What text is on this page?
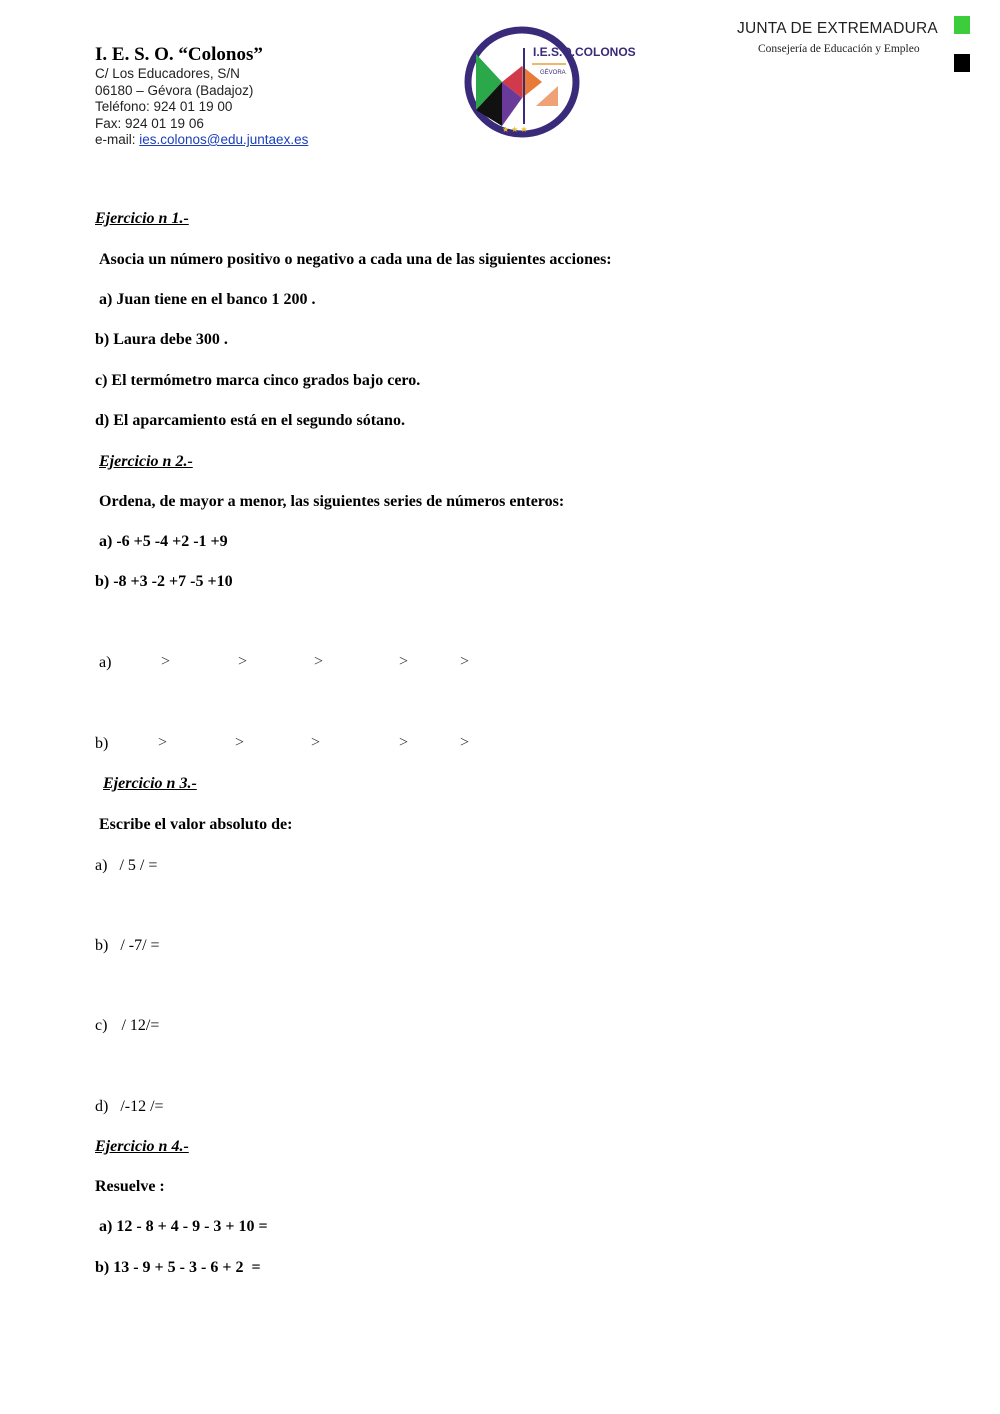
I. E. S. O. “Colonos”
C/ Los Educadores, S/N
06180 – Gévora (Badajoz)
Teléfono: 924 01 19 00
Fax: 924 01 19 06
e-mail: ies.colonos@edu.juntaex.es
I.E.S.O.COLONOS
GÉVORA
★ ★ ★
JUNTA DE EXTREMADURA
Consejería de Educación y Empleo
Ejercicio n 1.-
Asocia un número positivo o negativo a cada una de las siguientes acciones:
a) Juan tiene en el banco 1 200 .
b) Laura debe 300 .
c) El termómetro marca cinco grados bajo cero.
d) El aparcamiento está en el segundo sótano.
Ejercicio n 2.-
Ordena, de mayor a menor, las siguientes series de números enteros:
a) -6 +5 -4 +2 -1 +9
b) -8 +3 -2 +7 -5 +10
a)	>	>	>	>	>
b)	>	>	>	>	>
Ejercicio n 3.-
Escribe el valor absoluto de:
a) / 5 / =
b) / -7/ =
c) / 12/=
d) /-12 /=
Ejercicio n 4.-
Resuelve :
a) 12 - 8 + 4 - 9 - 3 + 10 =
b) 13 - 9 + 5 - 3 - 6 + 2  =
